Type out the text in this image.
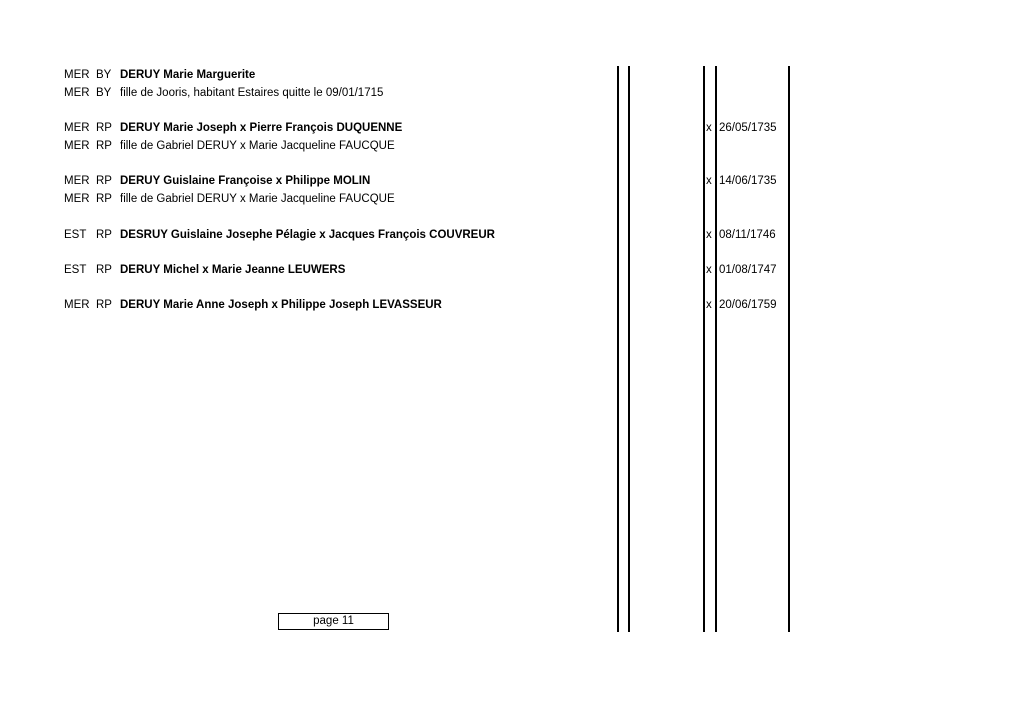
MER BY DERUY Marie Marguerite
MER BY fille de Jooris, habitant Estaires quitte le 09/01/1715
MER RP DERUY Marie Joseph x Pierre François DUQUENNE	x 26/05/1735
MER RP fille de Gabriel DERUY x Marie Jacqueline FAUCQUE
MER RP DERUY Guislaine Françoise x Philippe MOLIN	x 14/06/1735
MER RP fille de Gabriel DERUY x Marie Jacqueline FAUCQUE
EST RP DESRUY Guislaine Josephe Pélagie x Jacques François COUVREUR	x 08/11/1746
EST RP DERUY Michel x Marie Jeanne LEUWERS	x 01/08/1747
MER RP DERUY Marie Anne Joseph x Philippe Joseph LEVASSEUR	x 20/06/1759
page 11
